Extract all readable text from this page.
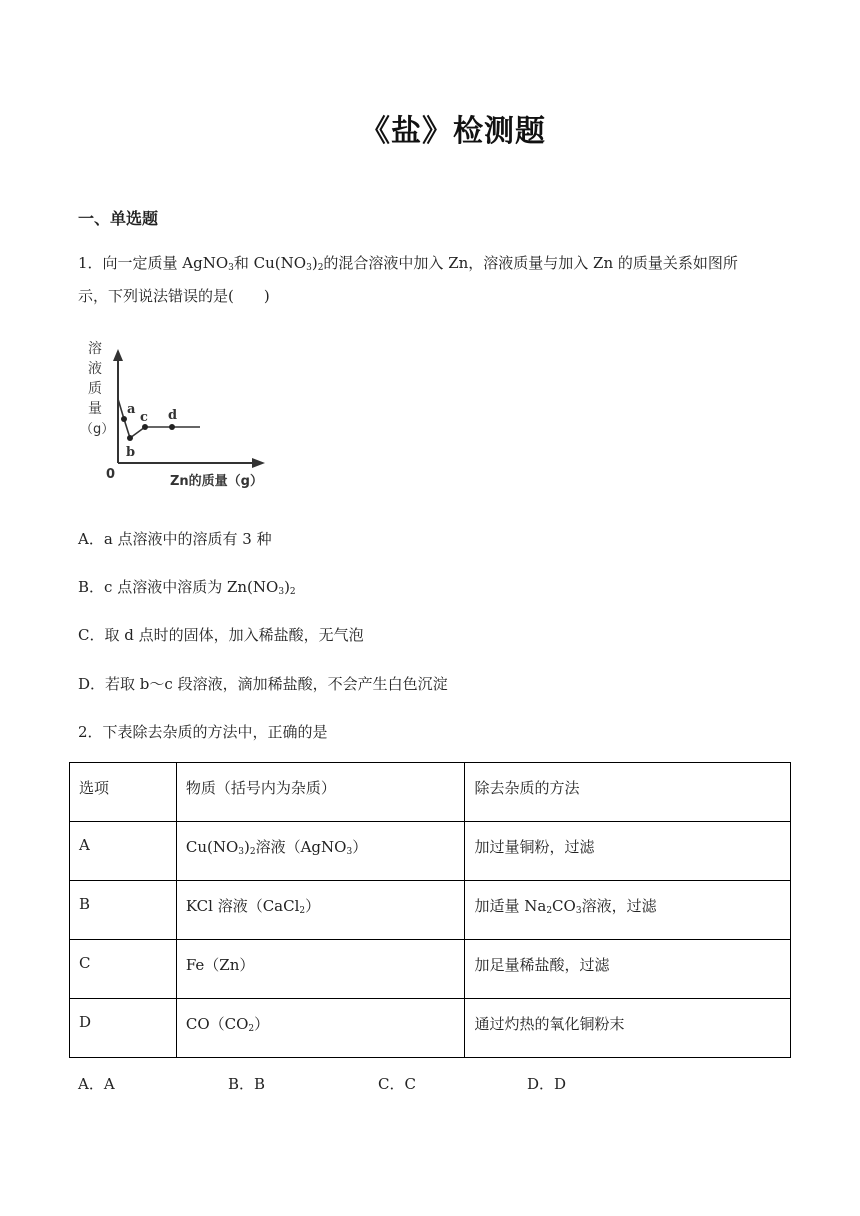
《盐》检测题
一、单选题
1．向一定质量 AgNO$_3$和 $Cu(NO_3)_2$的混合溶液中加入 Zn，溶液质量与加入 Zn 的质量关系如图所
示，下列说法错误的是(　　)
溶
液
质
量
（g）
0	Zn的质量（g）
a
b
c d
A．a 点溶液中的溶质有 3 种
B．c 点溶液中溶质为 $Zn(NO_3)_2$
C．取 d 点时的固体，加入稀盐酸，无气泡
D．若取 b～c 段溶液，滴加稀盐酸，不会产生白色沉淀
2．下表除去杂质的方法中，正确的是
选项	物质（括号内为杂质）	除去杂质的方法
A	$Cu(NO_3)_2$溶液（AgNO$_3$）	加过量铜粉，过滤
B	KCl 溶液（CaCl$_2$）	加适量 $Na_2CO_3$溶液，过滤
C	Fe（Zn）	加足量稀盐酸，过滤
D	$CO(CO_2)$	通过灼热的氧化铜粉末
A．A	B．B	C．C	D．D
